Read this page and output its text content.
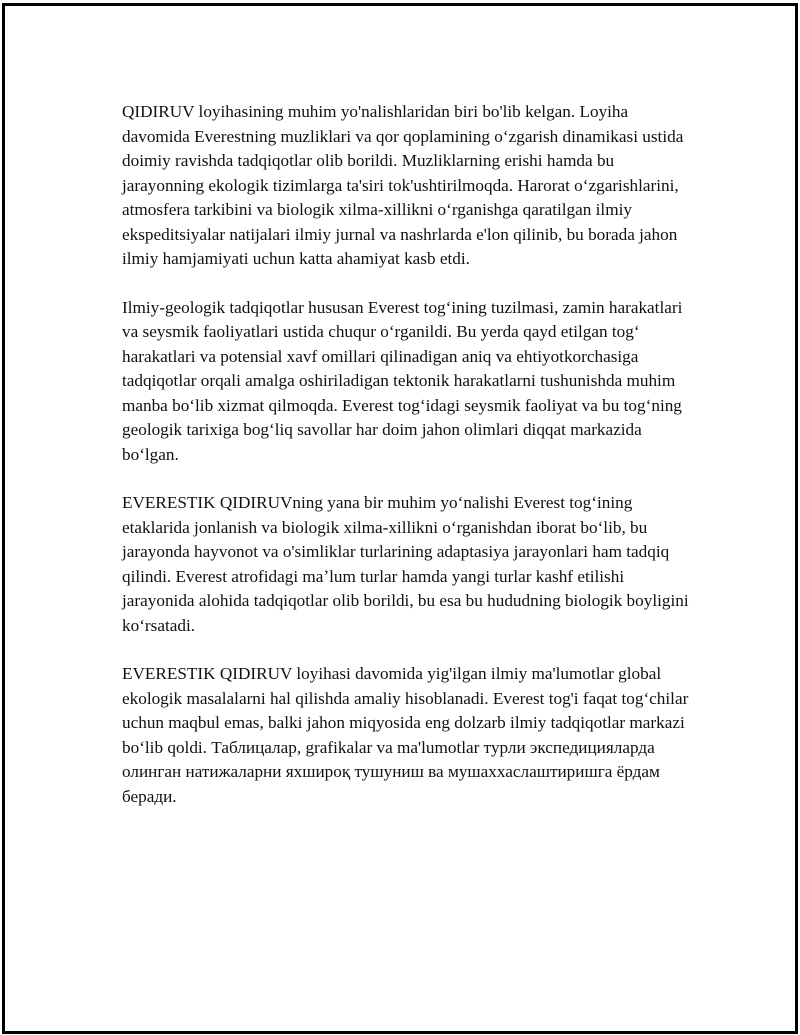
QIDIRUV loyihasining muhim yo'nalishlaridan biri bo'lib kelgan. Loyiha davomida Everestning muzliklari va qor qoplamining oʻzgarish dinamikasi ustida doimiy ravishda tadqiqotlar olib borildi. Muzliklarning erishi hamda bu jarayonning ekologik tizimlarga ta'siri tok'ushtirilmoqda. Harorat oʻzgarishlarini, atmosfera tarkibini va biologik xilma-xillikni oʻrganishga qaratilgan ilmiy ekspeditsiyalar natijalari ilmiy jurnal va nashrlarda e'lon qilinib, bu borada jahon ilmiy hamjamiyati uchun katta ahamiyat kasb etdi.

Ilmiy-geologik tadqiqotlar hususan Everest togʻining tuzilmasi, zamin harakatlari va seysmik faoliyatlari ustida chuqur oʻrganildi. Bu yerda qayd etilgan togʻ harakatlari va potensial xavf omillari qilinadigan aniq va ehtiyotkorchasiga tadqiqotlar orqali amalga oshiriladigan tektonik harakatlarni tushunishda muhim manba boʻlib xizmat qilmoqda. Everest togʻidagi seysmik faoliyat va bu togʻning geologik tarixiga bogʻliq savollar har doim jahon olimlari diqqat markazida boʻlgan.

EVERESTIK QIDIRUVning yana bir muhim yoʻnalishi Everest togʻining etaklarida jonlanish va biologik xilma-xillikni oʻrganishdan iborat boʻlib, bu jarayonda hayvonot va o'simliklar turlarining adaptasiya jarayonlari ham tadqiq qilindi. Everest atrofidagi maʼlum turlar hamda yangi turlar kashf etilishi jarayonida alohida tadqiqotlar olib borildi, bu esa bu hududning biologik boyligini koʻrsatadi.

EVERESTIK QIDIRUV loyihasi davomida yig'ilgan ilmiy ma'lumotlar global ekologik masalalarni hal qilishda amaliy hisoblanadi. Everest tog'i faqat togʻchilar uchun maqbul emas, balki jahon miqyosida eng dolzarb ilmiy tadqiqotlar markazi boʻlib qoldi. Таблицалар, grafikalar va ma'lumotlar турли экспедицияларда олинган натижаларни яхшироқ тушуниш ва мушаххаслаштиришга ёрдам беради.
